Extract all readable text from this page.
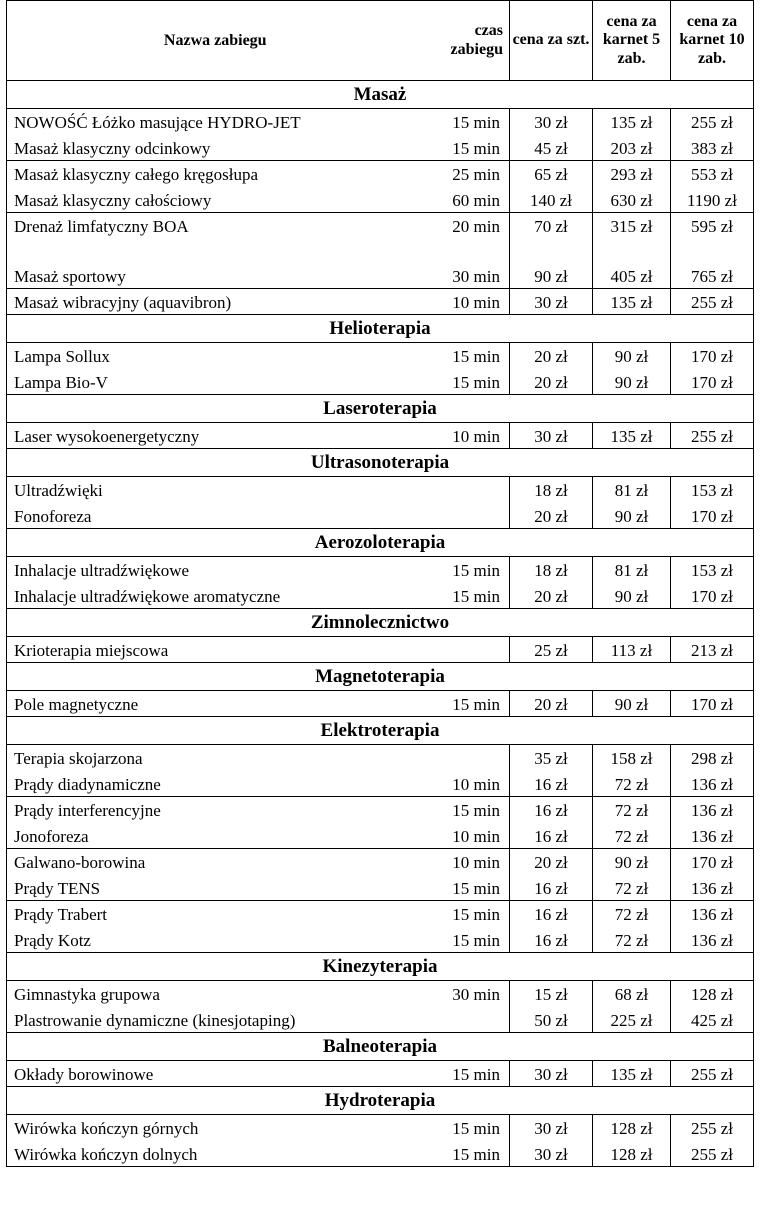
Nazwa zabiegu	czas zabiegu	cena za szt.	cena za karnet 5 zab.	cena za karnet 10 zab.
Masaż				
NOWOŚĆ Łóżko masujące HYDRO-JET	15 min	30 zł	135 zł	255 zł
Masaż klasyczny odcinkowy	15 min	45 zł	203 zł	383 zł
Masaż klasyczny całego kręgosłupa	25 min	65 zł	293 zł	553 zł
Masaż klasyczny całościowy	60 min	140 zł	630 zł	1190 zł
Drenaż limfatyczny BOA	20 min	70 zł	315 zł	595 zł
Masaż sportowy	30 min	90 zł	405 zł	765 zł
Masaż wibracyjny (aquavibron)	10 min	30 zł	135 zł	255 zł
Helioterapia				
Lampa Sollux	15 min	20 zł	90 zł	170 zł
Lampa Bio-V	15 min	20 zł	90 zł	170 zł
Laseroterapia				
Laser wysokoenergetyczny	10 min	30 zł	135 zł	255 zł
Ultrasonoterapia				
Ultradźwięki		18 zł	81 zł	153 zł
Fonoforeza		20 zł	90 zł	170 zł
Aerozoloterapia				
Inhalacje ultradźwiękowe	15 min	18 zł	81 zł	153 zł
Inhalacje ultradźwiękowe aromatyczne	15 min	20 zł	90 zł	170 zł
Zimnolecznictwo				
Krioterapia miejscowa		25 zł	113 zł	213 zł
Magnetoterapia				
Pole magnetyczne	15 min	20 zł	90 zł	170 zł
Elektroterapia				
Terapia skojarzona		35 zł	158 zł	298 zł
Prądy diadynamiczne	10 min	16 zł	72 zł	136 zł
Prądy interferencyjne	15 min	16 zł	72 zł	136 zł
Jonoforeza	10 min	16 zł	72 zł	136 zł
Galwano-borowina	10 min	20 zł	90 zł	170 zł
Prądy TENS	15 min	16 zł	72 zł	136 zł
Prądy Trabert	15 min	16 zł	72 zł	136 zł
Prądy Kotz	15 min	16 zł	72 zł	136 zł
Kinezyterapia				
Gimnastyka grupowa	30 min	15 zł	68 zł	128 zł
Plastrowanie dynamiczne (kinesjotaping)		50 zł	225 zł	425 zł
Balneoterapia				
Okłady borowinowe	15 min	30 zł	135 zł	255 zł
Hydroterapia				
Wirówka kończyn górnych	15 min	30 zł	128 zł	255 zł
Wirówka kończyn dolnych	15 min	30 zł	128 zł	255 zł
